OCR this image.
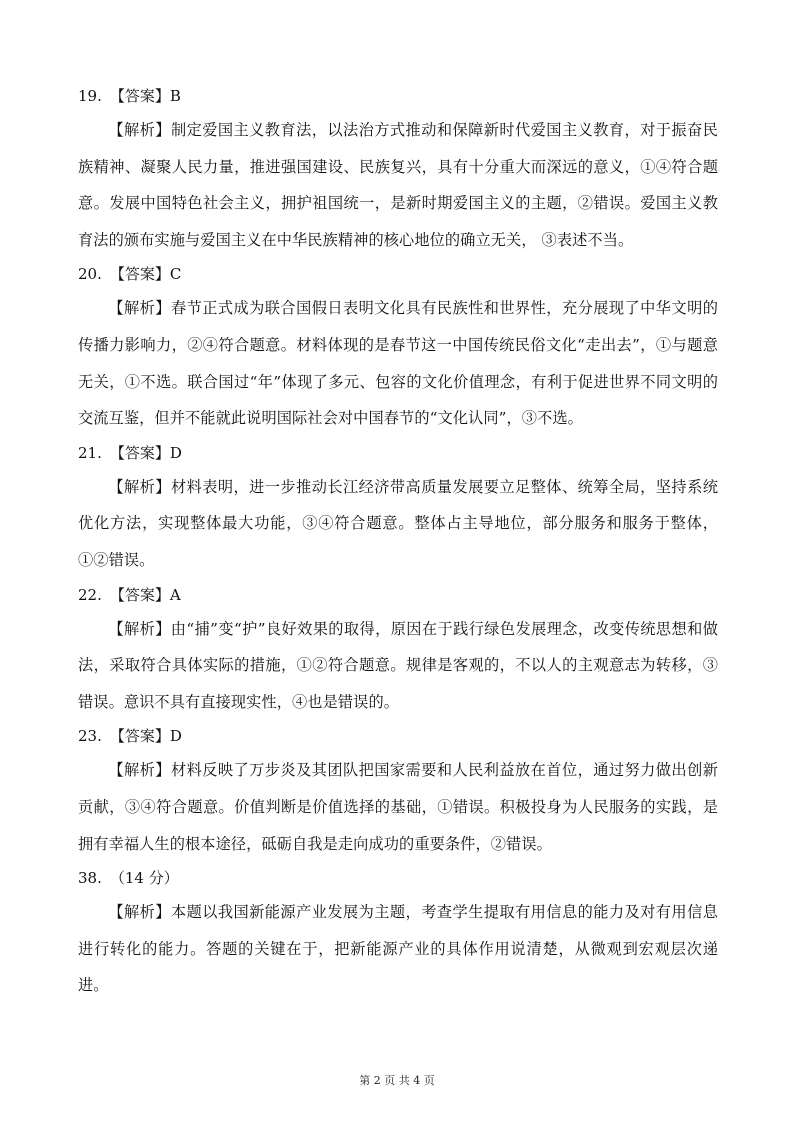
19. 【答案】B
【解析】制定爱国主义教育法，以法治方式推动和保障新时代爱国主义教育，对于振奋民族精神、凝聚人民力量，推进强国建设、民族复兴，具有十分重大而深远的意义，①④符合题意。发展中国特色社会主义，拥护祖国统一，是新时期爱国主义的主题，②错误。爱国主义教育法的颁布实施与爱国主义在中华民族精神的核心地位的确立无关， ③表述不当。
20. 【答案】C
【解析】春节正式成为联合国假日表明文化具有民族性和世界性，充分展现了中华文明的传播力影响力，②④符合题意。材料体现的是春节这一中国传统民俗文化“走出去”，①与题意无关，①不选。联合国过“年”体现了多元、包容的文化价值理念，有利于促进世界不同文明的交流互鉴，但并不能就此说明国际社会对中国春节的“文化认同”，③不选。
21. 【答案】D
【解析】材料表明，进一步推动长江经济带高质量发展要立足整体、统筹全局，坚持系统优化方法，实现整体最大功能，③④符合题意。整体占主导地位，部分服务和服务于整体，①②错误。
22. 【答案】A
【解析】由“捕”变“护”良好效果的取得，原因在于践行绿色发展理念，改变传统思想和做法，采取符合具体实际的措施，①②符合题意。规律是客观的，不以人的主观意志为转移，③错误。意识不具有直接现实性，④也是错误的。
23. 【答案】D
【解析】材料反映了万步炎及其团队把国家需要和人民利益放在首位，通过努力做出创新贡献，③④符合题意。价值判断是价值选择的基础，①错误。积极投身为人民服务的实践，是拥有幸福人生的根本途径，砥砺自我是走向成功的重要条件，②错误。
38. （14 分）
【解析】本题以我国新能源产业发展为主题，考查学生提取有用信息的能力及对有用信息进行转化的能力。答题的关键在于，把新能源产业的具体作用说清楚，从微观到宏观层次递进。
第 2 页 共 4 页
